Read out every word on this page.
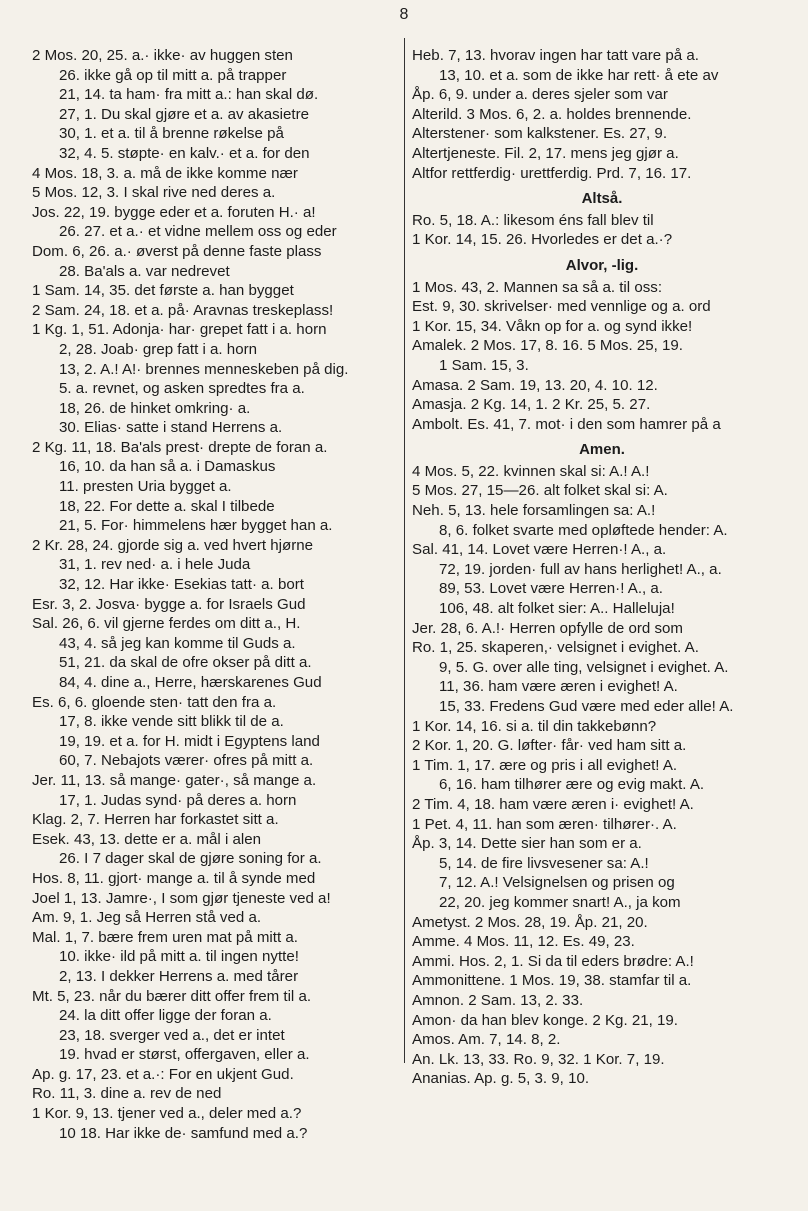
8
2 Mos. 20, 25. a.· ikke· av huggen sten
26. ikke gå op til mitt a. på trapper
21, 14. ta ham· fra mitt a.: han skal dø.
27, 1. Du skal gjøre et a. av akasietre
30, 1. et a. til å brenne røkelse på
32, 4. 5. støpte· en kalv.· et a. for den
4 Mos. 18, 3. a. må de ikke komme nær
5 Mos. 12, 3. I skal rive ned deres a.
Jos. 22, 19. bygge eder et a. foruten H.· a!
26. 27. et a.· et vidne mellem oss og eder
Dom. 6, 26. a.· øverst på denne faste plass
28. Ba'als a. var nedrevet
1 Sam. 14, 35. det første a. han bygget
2 Sam. 24, 18. et a. på· Aravnas treskeplass!
1 Kg. 1, 51. Adonja· har· grepet fatt i a. horn
2, 28. Joab· grep fatt i a. horn
13, 2. A.! A!· brennes menneskeben på dig.
5. a. revnet, og asken spredtes fra a.
18, 26. de hinket omkring· a.
30. Elias· satte i stand Herrens a.
2 Kg. 11, 18. Ba'als prest· drepte de foran a.
16, 10. da han så a. i Damaskus
11. presten Uria bygget a.
18, 22. For dette a. skal I tilbede
21, 5. For· himmelens hær bygget han a.
2 Kr. 28, 24. gjorde sig a. ved hvert hjørne
31, 1. rev ned· a. i hele Juda
32, 12. Har ikke· Esekias tatt· a. bort
Esr. 3, 2. Josva· bygge a. for Israels Gud
Sal. 26, 6. vil gjerne ferdes om ditt a., H.
43, 4. så jeg kan komme til Guds a.
51, 21. da skal de ofre okser på ditt a.
84, 4. dine a., Herre, hærskarenes Gud
Es. 6, 6. gloende sten· tatt den fra a.
17, 8. ikke vende sitt blikk til de a.
19, 19. et a. for H. midt i Egyptens land
60, 7. Nebajots værer· ofres på mitt a.
Jer. 11, 13. så mange· gater·, så mange a.
17, 1. Judas synd· på deres a. horn
Klag. 2, 7. Herren har forkastet sitt a.
Esek. 43, 13. dette er a. mål i alen
26. I 7 dager skal de gjøre soning for a.
Hos. 8, 11. gjort· mange a. til å synde med
Joel 1, 13. Jamre·, I som gjør tjeneste ved a!
Am. 9, 1. Jeg så Herren stå ved a.
Mal. 1, 7. bære frem uren mat på mitt a.
10. ikke· ild på mitt a. til ingen nytte!
2, 13. I dekker Herrens a. med tårer
Mt. 5, 23. når du bærer ditt offer frem til a.
24. la ditt offer ligge der foran a.
23, 18. sverger ved a., det er intet
19. hvad er størst, offergaven, eller a.
Ap. g. 17, 23. et a.·: For en ukjent Gud.
Ro. 11, 3. dine a. rev de ned
1 Kor. 9, 13. tjener ved a., deler med a.?
10 18. Har ikke de· samfund med a.?
Heb. 7, 13. hvorav ingen har tatt vare på a.
13, 10. et a. som de ikke har rett· å ete av
Åp. 6, 9. under a. deres sjeler som var
Alterild. 3 Mos. 6, 2. a. holdes brennende.
Alterstener· som kalkstener. Es. 27, 9.
Altertjeneste. Fil. 2, 17. mens jeg gjør a.
Altfor rettferdig· urettferdig. Prd. 7, 16. 17.
Altså.
Ro. 5, 18. A.: likesom éns fall blev til
1 Kor. 14, 15. 26. Hvorledes er det a.·?
Alvor, -lig.
1 Mos. 43, 2. Mannen sa så a. til oss:
Est. 9, 30. skrivelser· med vennlige og a. ord
1 Kor. 15, 34. Våkn op for a. og synd ikke!
Amalek. 2 Mos. 17, 8. 16. 5 Mos. 25, 19.
1 Sam. 15, 3.
Amasa. 2 Sam. 19, 13. 20, 4. 10. 12.
Amasja. 2 Kg. 14, 1. 2 Kr. 25, 5. 27.
Ambolt. Es. 41, 7. mot· i den som hamrer på a
Amen.
4 Mos. 5, 22. kvinnen skal si: A.! A.!
5 Mos. 27, 15—26. alt folket skal si: A.
Neh. 5, 13. hele forsamlingen sa: A.!
8, 6. folket svarte med opløftede hender: A.
Sal. 41, 14. Lovet være Herren·! A., a.
72, 19. jorden· full av hans herlighet! A., a.
89, 53. Lovet være Herren·! A., a.
106, 48. alt folket sier: A.. Halleluja!
Jer. 28, 6. A.!· Herren opfylle de ord som
Ro. 1, 25. skaperen,· velsignet i evighet. A.
9, 5. G. over alle ting, velsignet i evighet. A.
11, 36. ham være æren i evighet! A.
15, 33. Fredens Gud være med eder alle! A.
1 Kor. 14, 16. si a. til din takkebønn?
2 Kor. 1, 20. G. løfter· får· ved ham sitt a.
1 Tim. 1, 17. ære og pris i all evighet! A.
6, 16. ham tilhører ære og evig makt. A.
2 Tim. 4, 18. ham være æren i· evighet! A.
1 Pet. 4, 11. han som æren· tilhører·. A.
Åp. 3, 14. Dette sier han som er a.
5, 14. de fire livsvesener sa: A.!
7, 12. A.! Velsignelsen og prisen og
22, 20. jeg kommer snart! A., ja kom
Ametyst. 2 Mos. 28, 19. Åp. 21, 20.
Amme. 4 Mos. 11, 12. Es. 49, 23.
Ammi. Hos. 2, 1. Si da til eders brødre: A.!
Ammonittene. 1 Mos. 19, 38. stamfar til a.
Amnon. 2 Sam. 13, 2. 33.
Amon· da han blev konge. 2 Kg. 21, 19.
Amos. Am. 7, 14. 8, 2.
An. Lk. 13, 33. Ro. 9, 32. 1 Kor. 7, 19.
Ananias. Ap. g. 5, 3. 9, 10.
